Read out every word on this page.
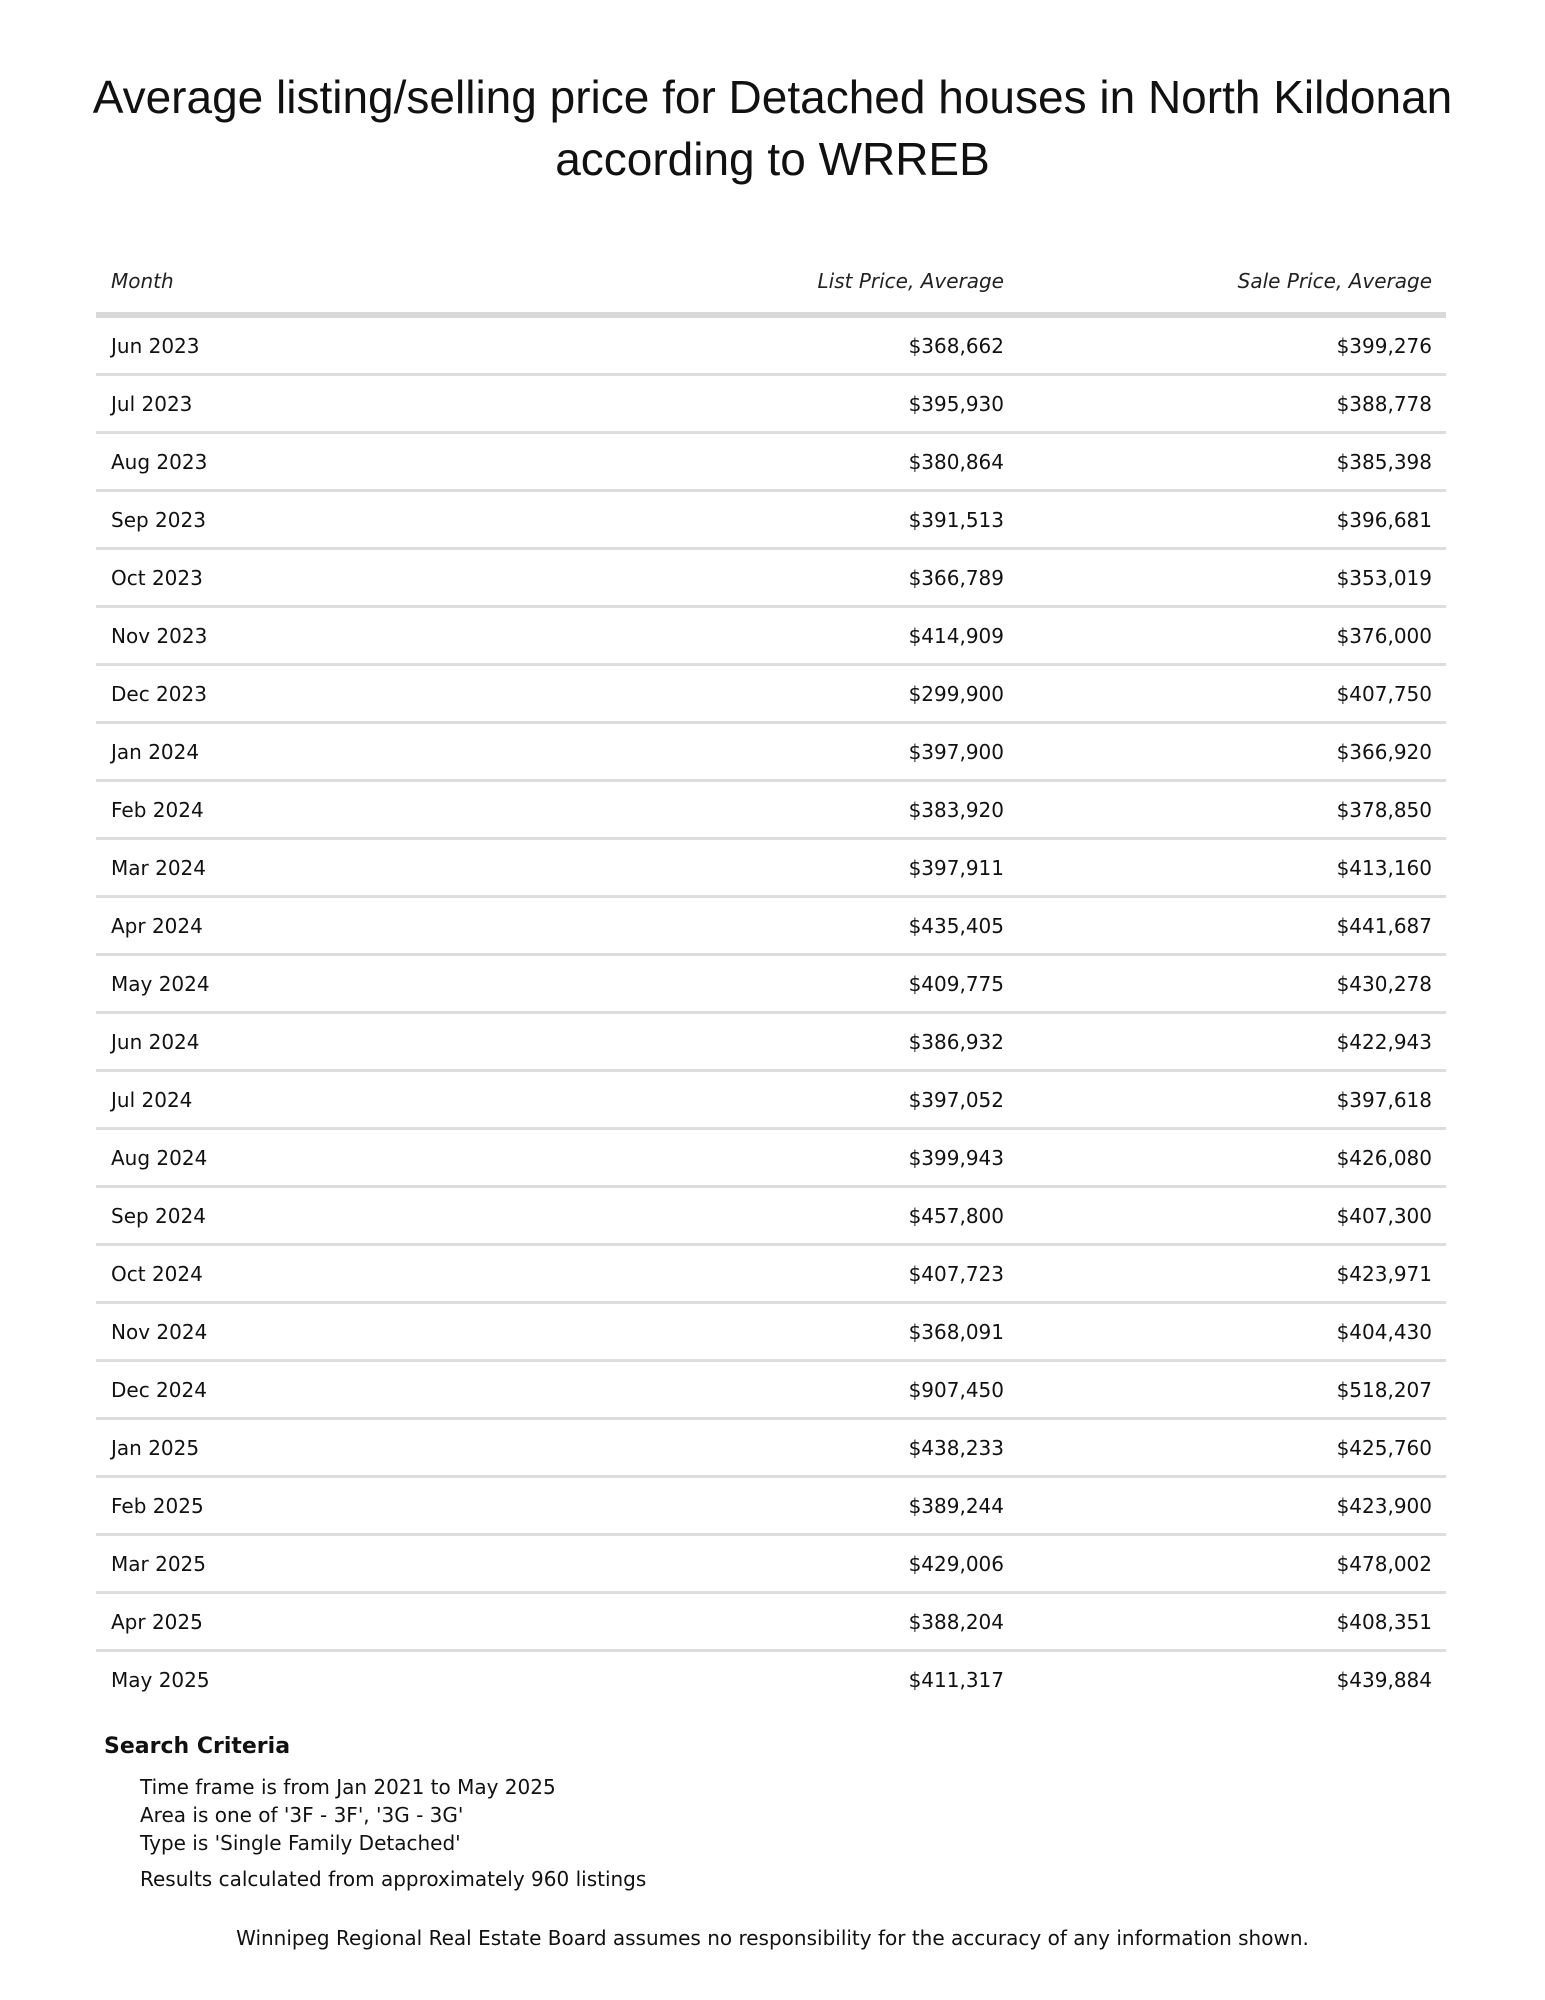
Average listing/selling price for Detached houses in North Kildonan according to WRREB
Month	List Price, Average	Sale Price, Average
Jun 2023	$368,662	$399,276
Jul 2023	$395,930	$388,778
Aug 2023	$380,864	$385,398
Sep 2023	$391,513	$396,681
Oct 2023	$366,789	$353,019
Nov 2023	$414,909	$376,000
Dec 2023	$299,900	$407,750
Jan 2024	$397,900	$366,920
Feb 2024	$383,920	$378,850
Mar 2024	$397,911	$413,160
Apr 2024	$435,405	$441,687
May 2024	$409,775	$430,278
Jun 2024	$386,932	$422,943
Jul 2024	$397,052	$397,618
Aug 2024	$399,943	$426,080
Sep 2024	$457,800	$407,300
Oct 2024	$407,723	$423,971
Nov 2024	$368,091	$404,430
Dec 2024	$907,450	$518,207
Jan 2025	$438,233	$425,760
Feb 2025	$389,244	$423,900
Mar 2025	$429,006	$478,002
Apr 2025	$388,204	$408,351
May 2025	$411,317	$439,884
Search Criteria
Time frame is from Jan 2021 to May 2025
Area is one of '3F - 3F', '3G - 3G'
Type is 'Single Family Detached'
Results calculated from approximately 960 listings
Winnipeg Regional Real Estate Board assumes no responsibility for the accuracy of any information shown.
